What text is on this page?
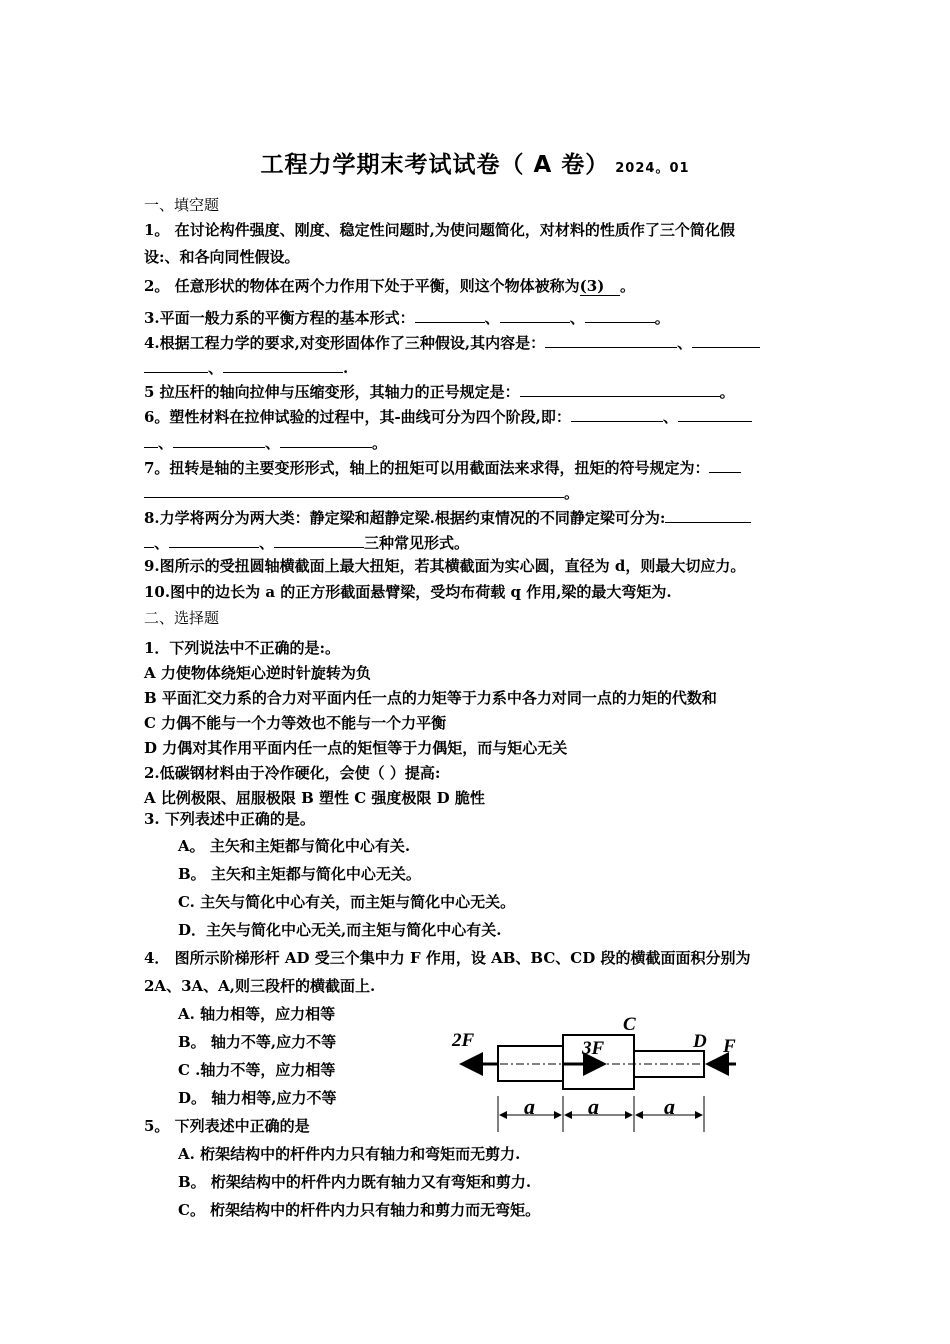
工程力学期末考试试卷（ A 卷） 2024。01
一、填空题
1。 在讨论构件强度、刚度、稳定性问题时,为使问题简化，对材料的性质作了三个简化假
设:、和各向同性假设。
2。 任意形状的物体在两个力作用下处于平衡，则这个物体被称为(3) 。
3.平面一般力系的平衡方程的基本形式：	、	、	。
4.根据工程力学的要求,对变形固体作了三种假设,其内容是：	、
、	.
5 拉压杆的轴向拉伸与压缩变形，其轴力的正号规定是：	。
6。塑性材料在拉伸试验的过程中，其-曲线可分为四个阶段,即：	、
、	、	。
7。扭转是轴的主要变形形式，轴上的扭矩可以用截面法来求得，扭矩的符号规定为：
。
8.力学将两分为两大类：静定梁和超静定梁.根据约束情况的不同静定梁可分为:
、	、	三种常见形式。
9.图所示的受扭圆轴横截面上最大扭矩，若其横截面为实心圆，直径为 d，则最大切应力。
10.图中的边长为 a 的正方形截面悬臂梁，受均布荷载 q 作用,梁的最大弯矩为.
二、选择题
1．下列说法中不正确的是:。
A 力使物体绕矩心逆时针旋转为负
B 平面汇交力系的合力对平面内任一点的力矩等于力系中各力对同一点的力矩的代数和
C 力偶不能与一个力等效也不能与一个力平衡
D 力偶对其作用平面内任一点的矩恒等于力偶矩，而与矩心无关
2.低碳钢材料由于冷作硬化，会使（ ）提高:
A 比例极限、屈服极限 B 塑性 C 强度极限 D 脆性
3. 下列表述中正确的是。
A。 主矢和主矩都与简化中心有关.
B。 主矢和主矩都与简化中心无关。
C. 主矢与简化中心有关，而主矩与简化中心无关。
D．主矢与简化中心无关,而主矩与简化中心有关.
4． 图所示阶梯形杆 AD 受三个集中力 F 作用，设 AB、BC、CD 段的横截面面积分别为
2A、3A、A,则三段杆的横截面上.
A. 轴力相等，应力相等
B。 轴力不等,应力不等
C .轴力不等，应力相等
D。 轴力相等,应力不等
5。 下列表述中正确的是
A. 桁架结构中的杆件内力只有轴力和弯矩而无剪力.
B。 桁架结构中的杆件内力既有轴力又有弯矩和剪力.
C。 桁架结构中的杆件内力只有轴力和剪力而无弯矩。
2F	3F
C
D F
a a	a
